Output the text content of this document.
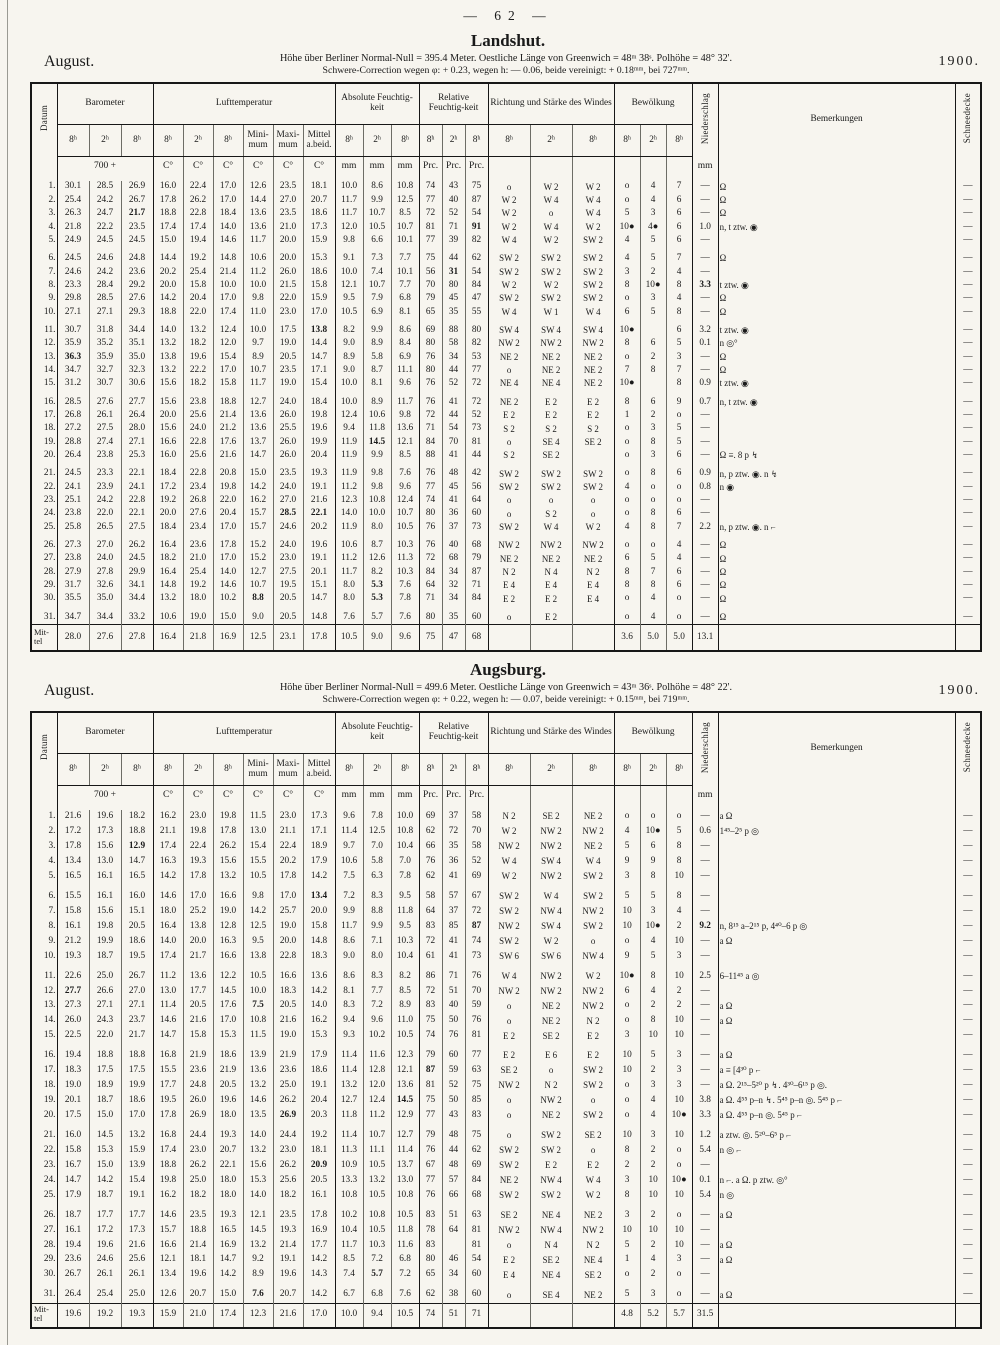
— 62 —
Landshut.
August.	Höhe über Berliner Normal-Null = 395.4 Meter. Oestliche Länge von Greenwich = 48ᵐ 38ˢ. Polhöhe = 48° 32'.
Schwere-Correction wegen φ: + 0.23, wegen h: — 0.06, beide vereinigt: + 0.18ᵐᵐ, bei 727ᵐᵐ.
1900.
Datum	Barometer			Lufttemperatur						Absolute Feuchtig-keit			Relative Feuchtig-keit			Richtung und Stärke des Windes			Bewölkung			Niederschlag	Bemerkungen	Schneedecke
	8ʰ	2ʰ	8ʰ	8ʰ	2ʰ	8ʰ	Mini-mum	Maxi-mum	Mittel a.beid.	8ʰ	2ʰ	8ʰ	8ʰ	2ʰ	8ʰ	8ʰ	2ʰ	8ʰ	8ʰ	2ʰ	8ʰ			
	700 +			C°	C°	C°	C°	C°	C°	mm	mm	mm	Prc.	Prc.	Prc.							mm		
1.	30.1	28.5	26.9	16.0	22.4	17.0	12.6	23.5	18.1	10.0	8.6	10.8	74	43	75	o	W 2	W 2	o	4	7	—	Ω	—
2.	25.4	24.2	26.7	17.8	26.2	17.0	14.4	27.0	20.7	11.7	9.9	12.5	77	40	87	W 2	W 4	W 4	o	4	6	—	Ω	—
3.	26.3	24.7	21.7	18.8	22.8	18.4	13.6	23.5	18.6	11.7	10.7	8.5	72	52	54	W 2	o	W 4	5	3	6	—	Ω	—
4.	21.8	22.2	23.5	17.4	17.4	14.0	13.6	21.0	17.3	12.0	10.5	10.7	81	71	91	W 2	W 4	W 2	10●	4●	6	1.0	n, t ztw. ◉	—
5.	24.9	24.5	24.5	15.0	19.4	14.6	11.7	20.0	15.9	9.8	6.6	10.1	77	39	82	W 4	W 2	SW 2	4	5	6	—		—
6.	24.5	24.6	24.8	14.4	19.2	14.8	10.6	20.0	15.3	9.1	7.3	7.7	75	44	62	SW 2	SW 2	SW 2	4	5	7	—	Ω	—
7.	24.6	24.2	23.6	20.2	25.4	21.4	11.2	26.0	18.6	10.0	7.4	10.1	56	31	54	SW 2	SW 2	SW 2	3	2	4	—		—
8.	23.3	28.4	29.2	20.0	15.8	10.0	10.0	21.5	15.8	12.1	10.7	7.7	70	80	84	W 2	W 2	SW 2	8	10●	8	3.3	t ztw. ◉	—
9.	29.8	28.5	27.6	14.2	20.4	17.0	9.8	22.0	15.9	9.5	7.9	6.8	79	45	47	SW 2	SW 2	SW 2	o	3	4	—	Ω	—
10.	27.1	27.1	29.3	18.8	22.0	17.4	11.0	23.0	17.0	10.5	6.9	8.1	65	35	55	W 4	W 1	W 4	6	5	8	—	Ω	—
11.	30.7	31.8	34.4	14.0	13.2	12.4	10.0	17.5	13.8	8.2	9.9	8.6	69	88	80	SW 4	SW 4	SW 4	10●		6	3.2	t ztw. ◉	—
12.	35.9	35.2	35.1	13.2	18.2	12.0	9.7	19.0	14.4	9.0	8.9	8.4	80	58	82	NW 2	NW 2	NW 2	8	6	5	0.1	n ◎°	—
13.	36.3	35.9	35.0	13.8	19.6	15.4	8.9	20.5	14.7	8.9	5.8	6.9	76	34	53	NE 2	NE 2	NE 2	o	2	3	—	Ω	—
14.	34.7	32.7	32.3	13.2	22.2	17.0	10.7	23.5	17.1	9.0	8.7	11.1	80	44	77	o	NE 2	NE 2	7	8	7	—	Ω	—
15.	31.2	30.7	30.6	15.6	18.2	15.8	11.7	19.0	15.4	10.0	8.1	9.6	76	52	72	NE 4	NE 4	NE 2	10●		8	0.9	t ztw. ◉	—
16.	28.5	27.6	27.7	15.6	23.8	18.8	12.7	24.0	18.4	10.0	8.9	11.7	76	41	72	NE 2	E 2	E 2	8	6	9	0.7	n, t ztw. ◉	—
17.	26.8	26.1	26.4	20.0	25.6	21.4	13.6	26.0	19.8	12.4	10.6	9.8	72	44	52	E 2	E 2	E 2	1	2	o	—		—
18.	27.2	27.5	28.0	15.6	24.0	21.2	13.6	25.5	19.6	9.4	11.8	13.6	71	54	73	S 2	S 2	S 2	o	3	5	—		—
19.	28.8	27.4	27.1	16.6	22.8	17.6	13.7	26.0	19.9	11.9	14.5	12.1	84	70	81	o	SE 4	SE 2	o	8	5	—		—
20.	26.4	23.8	25.3	16.0	25.6	21.6	14.7	26.0	20.4	11.9	9.9	8.5	88	41	44	S 2	SE 2		o	3	6	—	Ω ≡. 8 p ↯	—
21.	24.5	23.3	22.1	18.4	22.8	20.8	15.0	23.5	19.3	11.9	9.8	7.6	76	48	42	SW 2	SW 2	SW 2	o	8	6	0.9	n, p ztw. ◉. n ↯	—
22.	24.1	23.9	24.1	17.2	23.4	19.8	14.2	24.0	19.1	11.2	9.8	9.6	77	45	56	SW 2	SW 2	SW 2	4	o	o	0.8	n ◉	—
23.	25.1	24.2	22.8	19.2	26.8	22.0	16.2	27.0	21.6	12.3	10.8	12.4	74	41	64	o	o	o	o	o	o	—		—
24.	23.8	22.0	22.1	20.0	27.6	20.4	15.7	28.5	22.1	14.0	10.0	10.7	80	36	60	o	S 2	o	o	8	6	—		—
25.	25.8	26.5	27.5	18.4	23.4	17.0	15.7	24.6	20.2	11.9	8.0	10.5	76	37	73	SW 2	W 4	W 2	4	8	7	2.2	n, p ztw. ◉. n ⌐	—
26.	27.3	27.0	26.2	16.4	23.6	17.8	15.2	24.0	19.6	10.6	8.7	10.3	76	40	68	NW 2	NW 2	NW 2	o	o	4	—	Ω	—
27.	23.8	24.0	24.5	18.2	21.0	17.0	15.2	23.0	19.1	11.2	12.6	11.3	72	68	79	NE 2	NE 2	NE 2	6	5	4	—	Ω	—
28.	27.9	27.8	29.9	16.4	25.4	14.0	12.7	27.5	20.1	11.7	8.2	10.3	84	34	87	N 2	N 4	N 2	8	7	6	—	Ω	—
29.	31.7	32.6	34.1	14.8	19.2	14.6	10.7	19.5	15.1	8.0	5.3	7.6	64	32	71	E 4	E 4	E 4	8	8	6	—	Ω	—
30.	35.5	35.0	34.4	13.2	18.0	10.2	8.8	20.5	14.7	8.0	5.3	7.8	71	34	84	E 2	E 2	E 4	o	4	o	—	Ω	—
31.	34.7	34.4	33.2	10.6	19.0	15.0	9.0	20.5	14.8	7.6	5.7	7.6	80	35	60	o	E 2		o	4	o	—	Ω	—
Mit-tel	28.0	27.6	27.8	16.4	21.8	16.9	12.5	23.1	17.8	10.5	9.0	9.6	75	47	68				3.6	5.0	5.0	13.1		
Augsburg.
August.	Höhe über Berliner Normal-Null = 499.6 Meter. Oestliche Länge von Greenwich = 43ᵐ 36ˢ. Polhöhe = 48° 22'.
Schwere-Correction wegen φ: + 0.22, wegen h: — 0.07, beide vereinigt: + 0.15ᵐᵐ, bei 719ᵐᵐ.
1900.
Datum	Barometer			Lufttemperatur						Absolute Feuchtig-keit			Relative Feuchtig-keit			Richtung und Stärke des Windes			Bewölkung			Niederschlag	Bemerkungen	Schneedecke
	8ʰ	2ʰ	8ʰ	8ʰ	2ʰ	8ʰ	Mini-mum	Maxi-mum	Mittel a.beid.	8ʰ	2ʰ	8ʰ	8ʰ	2ʰ	8ʰ	8ʰ	2ʰ	8ʰ	8ʰ	2ʰ	8ʰ			
	700 +			C°	C°	C°	C°	C°	C°	mm	mm	mm	Prc.	Prc.	Prc.							mm		
1.	21.6	19.6	18.2	16.2	23.0	19.8	11.5	23.0	17.3	9.6	7.8	10.0	69	37	58	N 2	SE 2	NE 2	o	o	o	—	a Ω	—
2.	17.2	17.3	18.8	21.1	19.8	17.8	13.0	21.1	17.1	11.4	12.5	10.8	62	72	70	W 2	NW 2	NW 2	4	10●	5	0.6	1⁴⁵–2⁵ p ◎	—
3.	17.8	15.6	12.9	17.4	22.4	26.2	15.4	22.4	18.9	9.7	7.0	10.4	66	35	58	NW 2	NW 2	NE 2	5	6	8	—		—
4.	13.4	13.0	14.7	16.3	19.3	15.6	15.5	20.2	17.9	10.6	5.8	7.0	76	36	52	W 4	SW 4	W 4	9	9	8	—		—
5.	16.5	16.1	16.5	14.2	17.8	13.2	10.5	17.8	14.2	7.5	6.3	7.8	62	41	69	W 2	NW 2	SW 2	3	8	10	—		—
6.	15.5	16.1	16.0	14.6	17.0	16.6	9.8	17.0	13.4	7.2	8.3	9.5	58	57	67	SW 2	W 4	SW 2	5	5	8	—		—
7.	15.8	15.6	15.1	18.0	25.2	19.0	14.2	25.7	20.0	9.9	8.8	11.8	64	37	72	SW 2	NW 4	NW 2	10	3	4	—		—
8.	16.1	19.8	20.5	16.4	13.8	12.8	12.5	19.0	15.8	11.7	9.9	9.5	83	85	87	NW 2	SW 4	SW 2	10	10●	2	9.2	n, 8¹⁵ a–2¹⁵ p, 4⁴⁰–6 p ◎	—
9.	21.2	19.9	18.6	14.0	20.0	16.3	9.5	20.0	14.8	8.6	7.1	10.3	72	41	74	SW 2	W 2	o	o	4	10	—	a Ω	—
10.	19.3	18.7	19.5	17.4	21.7	16.6	13.8	22.8	18.3	9.0	8.0	10.4	61	41	73	SW 6	SW 6	NW 4	9	5	3	—		—
11.	22.6	25.0	26.7	11.2	13.6	12.2	10.5	16.6	13.6	8.6	8.3	8.2	86	71	76	W 4	NW 2	W 2	10●	8	10	2.5	6–11⁴⁵ a ◎	—
12.	27.7	26.6	27.0	13.0	17.7	14.5	10.0	18.3	14.2	8.1	7.7	8.5	72	51	70	NW 2	NW 2	NW 2	6	4	2	—		—
13.	27.3	27.1	27.1	11.4	20.5	17.6	7.5	20.5	14.0	8.3	7.2	8.9	83	40	59	o	NE 2	NW 2	o	2	2	—	a Ω	—
14.	26.0	24.3	23.7	14.6	21.6	17.0	10.8	21.6	16.2	9.4	9.6	11.0	75	50	76	o	NE 2	N 2	o	8	10	—	a Ω	—
15.	22.5	22.0	21.7	14.7	15.8	15.3	11.5	19.0	15.3	9.3	10.2	10.5	74	76	81	E 2	SE 2	E 2	3	10	10	—		—
16.	19.4	18.8	18.8	16.8	21.9	18.6	13.9	21.9	17.9	11.4	11.6	12.3	79	60	77	E 2	E 6	E 2	10	5	3	—	a Ω	—
17.	18.3	17.5	17.5	15.5	23.6	21.9	13.6	23.6	18.6	11.4	12.8	12.1	87	59	63	SE 2	o	SW 2	10	2	3	—	a ≡ [4³⁰ p ⌐	—
18.	19.0	18.9	19.9	17.7	24.8	20.5	13.2	25.0	19.1	13.2	12.0	13.6	81	52	75	NW 2	N 2	SW 2	o	3	3	—	a Ω. 2¹⁵–5²⁰ p ↯. 4³⁰–6¹⁵ p ◎.	—
19.	20.1	18.7	18.6	19.5	26.0	19.6	14.6	26.2	20.4	12.7	12.4	14.5	75	50	85	o	NW 2	o	o	4	10	3.8	a Ω. 4⁵⁵ p–n ↯. 5⁴⁵ p–n ◎. 5⁴⁵ p ⌐	—
20.	17.5	15.0	17.0	17.8	26.9	18.0	13.5	26.9	20.3	11.8	11.2	12.9	77	43	83	o	NE 2	SW 2	o	4	10●	3.3	a Ω. 4⁵⁵ p–n ◎. 5⁴⁵ p ⌐	—
21.	16.0	14.5	13.2	16.8	24.4	19.3	14.0	24.4	19.2	11.4	10.7	12.7	79	48	75	o	SW 2	SE 2	10	3	10	1.2	a ztw. ◎. 5²⁰–6⁵ p ⌐	—
22.	15.8	15.3	15.9	17.4	23.0	20.7	13.2	23.0	18.1	11.3	11.1	11.4	76	44	62	SW 2	SW 2	o	8	2	o	5.4	n ◎ ⌐	—
23.	16.7	15.0	13.9	18.8	26.2	22.1	15.6	26.2	20.9	10.9	10.5	13.7	67	48	69	SW 2	E 2	E 2	2	2	o	—		—
24.	14.7	14.2	15.4	19.8	25.0	18.0	15.3	25.6	20.5	13.3	13.2	13.0	77	57	84	NE 2	NW 4	W 4	3	10	10●	0.1	n ⌐. a Ω. p ztw. ◎°	—
25.	17.9	18.7	19.1	16.2	18.2	18.0	14.0	18.2	16.1	10.8	10.5	10.8	76	66	68	SW 2	SW 2	W 2	8	10	10	5.4	n ◎	—
26.	18.7	17.7	17.7	14.6	23.5	19.3	12.1	23.5	17.8	10.2	10.8	10.5	83	51	63	SE 2	NE 4	NE 2	3	2	o	—	a Ω	—
27.	16.1	17.2	17.3	15.7	18.8	16.5	14.5	19.3	16.9	10.4	10.5	11.8	78	64	81	NW 2	NW 4	NW 2	10	10	10	—		—
28.	19.4	19.6	21.6	16.6	21.4	16.9	13.2	21.4	17.7	11.7	10.3	11.6	83		81	o	N 4	N 2	5	2	10	—	a Ω	—
29.	23.6	24.6	25.6	12.1	18.1	14.7	9.2	19.1	14.2	8.5	7.2	6.8	80	46	54	E 2	SE 2	NE 4	1	4	3	—	a Ω	—
30.	26.7	26.1	26.1	13.4	19.6	14.2	8.9	19.6	14.3	7.4	5.7	7.2	65	34	60	E 4	NE 4	SE 2	o	2	o	—		—
31.	26.4	25.4	25.0	12.6	20.7	15.0	7.6	20.7	14.2	6.7	6.8	7.6	62	38	60	o	SE 4	NE 2	5	3	o	—	a Ω	—
Mit-tel	19.6	19.2	19.3	15.9	21.0	17.4	12.3	21.6	17.0	10.0	9.4	10.5	74	51	71				4.8	5.2	5.7	31.5		
